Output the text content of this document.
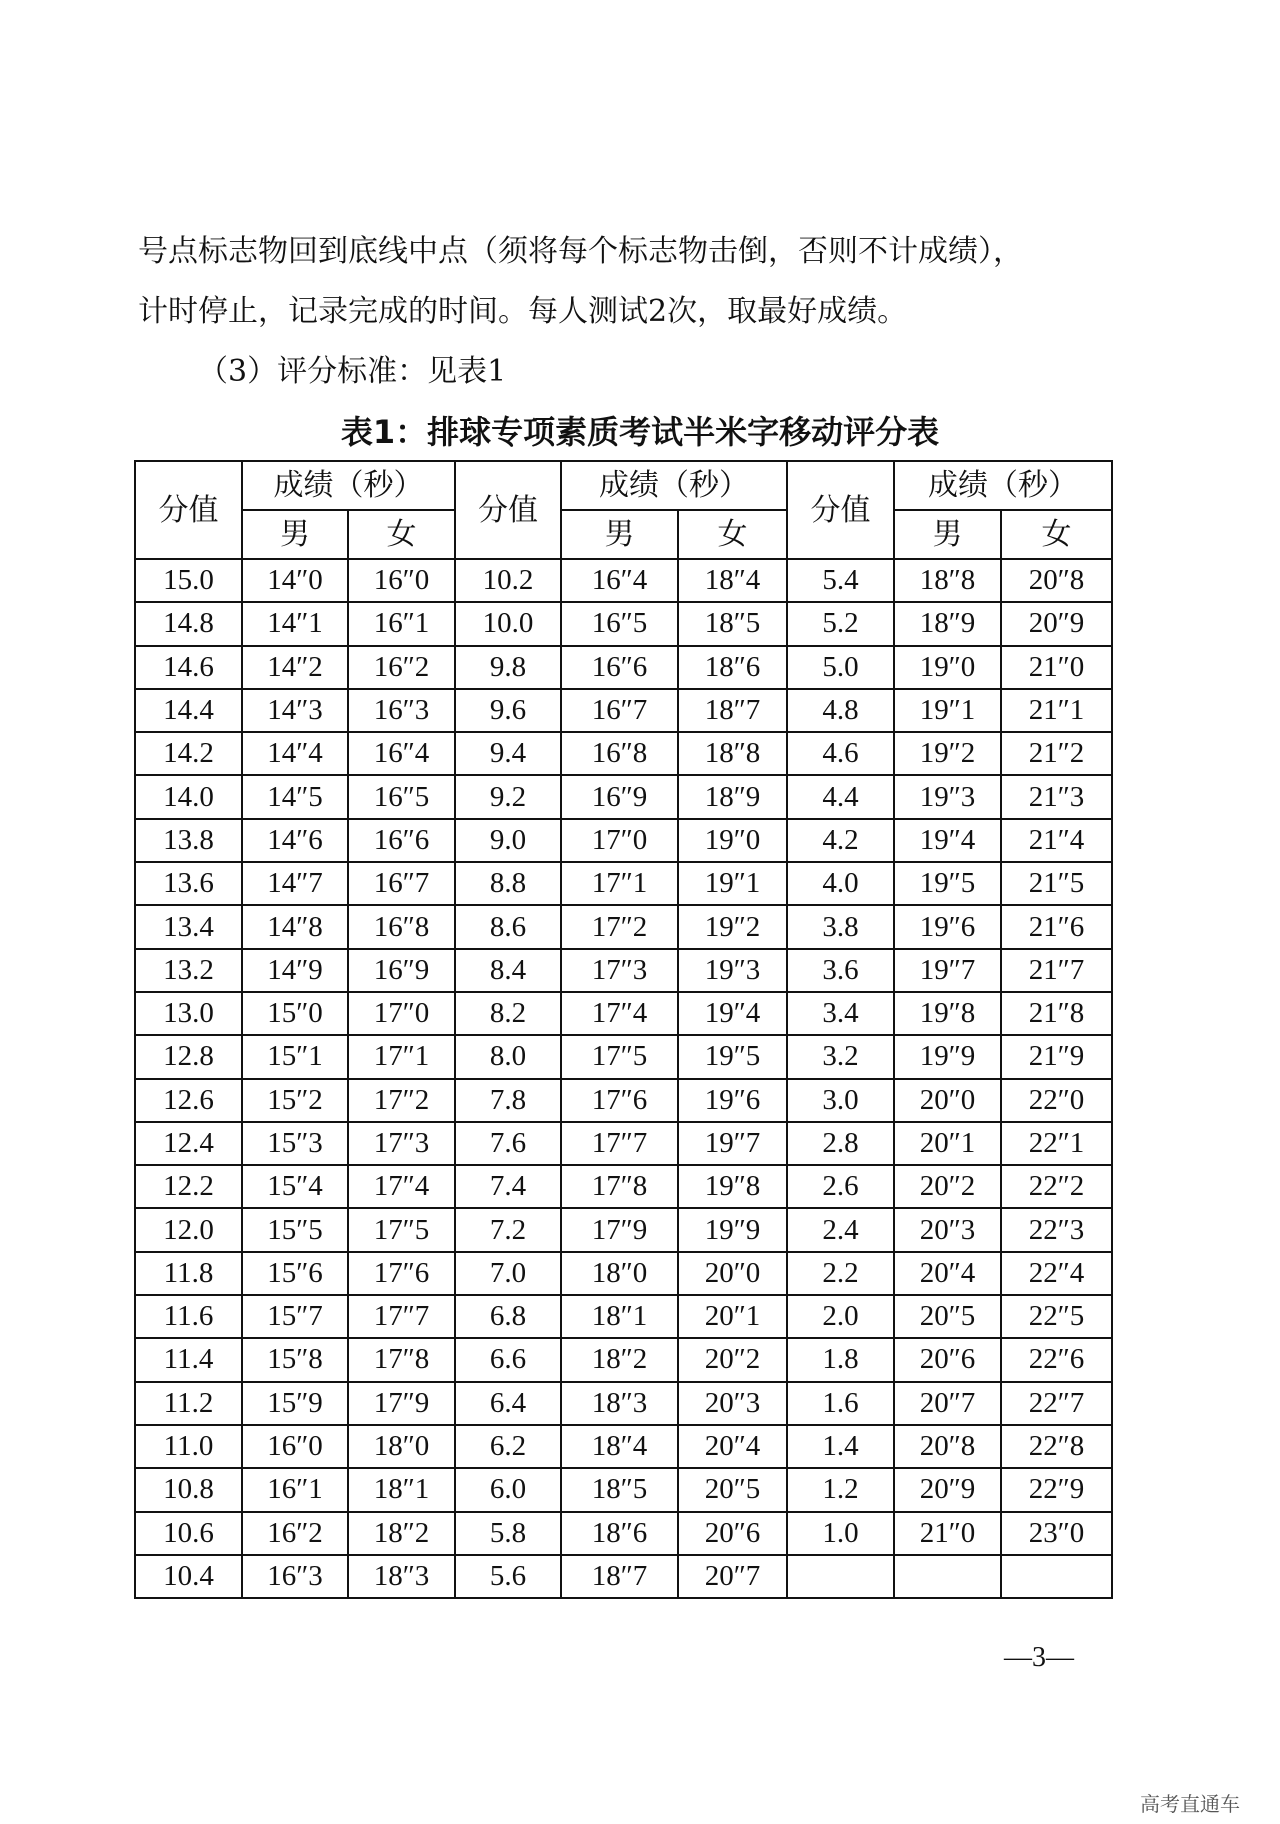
号点标志物回到底线中点（须将每个标志物击倒，否则不计成绩），

计时停止，记录完成的时间。每人测试2次，取最好成绩。

（3）评分标准：见表1

表1：排球专项素质考试半米字移动评分表
分值	成绩（秒）		分值	成绩（秒）		分值	成绩（秒）	
	男	女		男	女		男	女
15.0	14″0	16″0	10.2	16″4	18″4	5.4	18″8	20″8
14.8	14″1	16″1	10.0	16″5	18″5	5.2	18″9	20″9
14.6	14″2	16″2	9.8	16″6	18″6	5.0	19″0	21″0
14.4	14″3	16″3	9.6	16″7	18″7	4.8	19″1	21″1
14.2	14″4	16″4	9.4	16″8	18″8	4.6	19″2	21″2
14.0	14″5	16″5	9.2	16″9	18″9	4.4	19″3	21″3
13.8	14″6	16″6	9.0	17″0	19″0	4.2	19″4	21″4
13.6	14″7	16″7	8.8	17″1	19″1	4.0	19″5	21″5
13.4	14″8	16″8	8.6	17″2	19″2	3.8	19″6	21″6
13.2	14″9	16″9	8.4	17″3	19″3	3.6	19″7	21″7
13.0	15″0	17″0	8.2	17″4	19″4	3.4	19″8	21″8
12.8	15″1	17″1	8.0	17″5	19″5	3.2	19″9	21″9
12.6	15″2	17″2	7.8	17″6	19″6	3.0	20″0	22″0
12.4	15″3	17″3	7.6	17″7	19″7	2.8	20″1	22″1
12.2	15″4	17″4	7.4	17″8	19″8	2.6	20″2	22″2
12.0	15″5	17″5	7.2	17″9	19″9	2.4	20″3	22″3
11.8	15″6	17″6	7.0	18″0	20″0	2.2	20″4	22″4
11.6	15″7	17″7	6.8	18″1	20″1	2.0	20″5	22″5
11.4	15″8	17″8	6.6	18″2	20″2	1.8	20″6	22″6
11.2	15″9	17″9	6.4	18″3	20″3	1.6	20″7	22″7
11.0	16″0	18″0	6.2	18″4	20″4	1.4	20″8	22″8
10.8	16″1	18″1	6.0	18″5	20″5	1.2	20″9	22″9
10.6	16″2	18″2	5.8	18″6	20″6	1.0	21″0	23″0
10.4	16″3	18″3	5.6	18″7	20″7			
—3—
高考直通车
